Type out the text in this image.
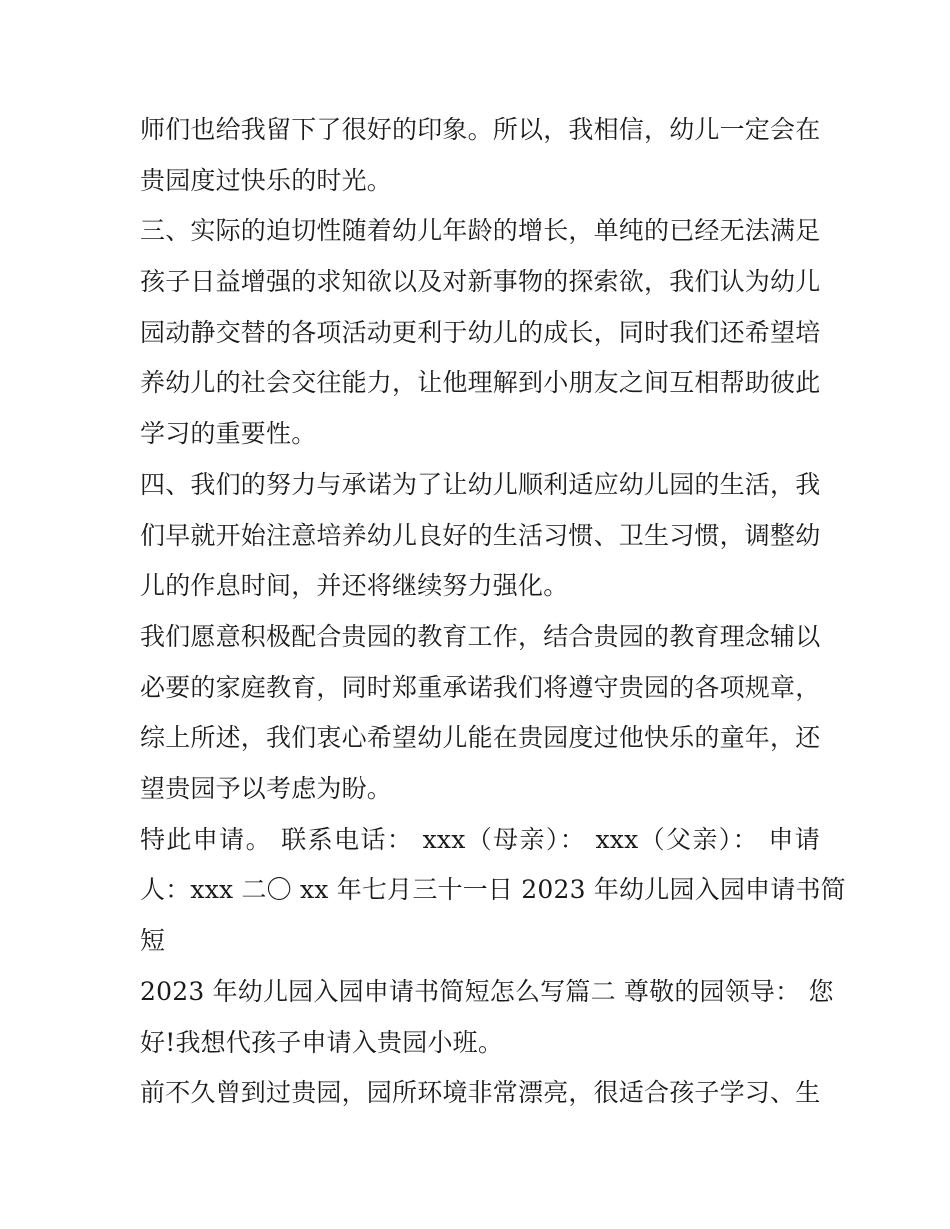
师们也给我留下了很好的印象。所以，我相信，幼儿一定会在
贵园度过快乐的时光。
三、实际的迫切性随着幼儿年龄的增长，单纯的已经无法满足
孩子日益增强的求知欲以及对新事物的探索欲，我们认为幼儿
园动静交替的各项活动更利于幼儿的成长，同时我们还希望培
养幼儿的社会交往能力，让他理解到小朋友之间互相帮助彼此
学习的重要性。
四、我们的努力与承诺为了让幼儿顺利适应幼儿园的生活，我
们早就开始注意培养幼儿良好的生活习惯、卫生习惯，调整幼
儿的作息时间，并还将继续努力强化。
我们愿意积极配合贵园的教育工作，结合贵园的教育理念辅以
必要的家庭教育，同时郑重承诺我们将遵守贵园的各项规章，
综上所述，我们衷心希望幼儿能在贵园度过他快乐的童年，还
望贵园予以考虑为盼。
特此申请。 联系电话： xxx（母亲）： xxx（父亲）： 申请
人：xxx 二〇 xx 年七月三十一日 2023 年幼儿园入园申请书简
短
2023 年幼儿园入园申请书简短怎么写篇二 尊敬的园领导： 您
好!我想代孩子申请入贵园小班。
前不久曾到过贵园，园所环境非常漂亮，很适合孩子学习、生
